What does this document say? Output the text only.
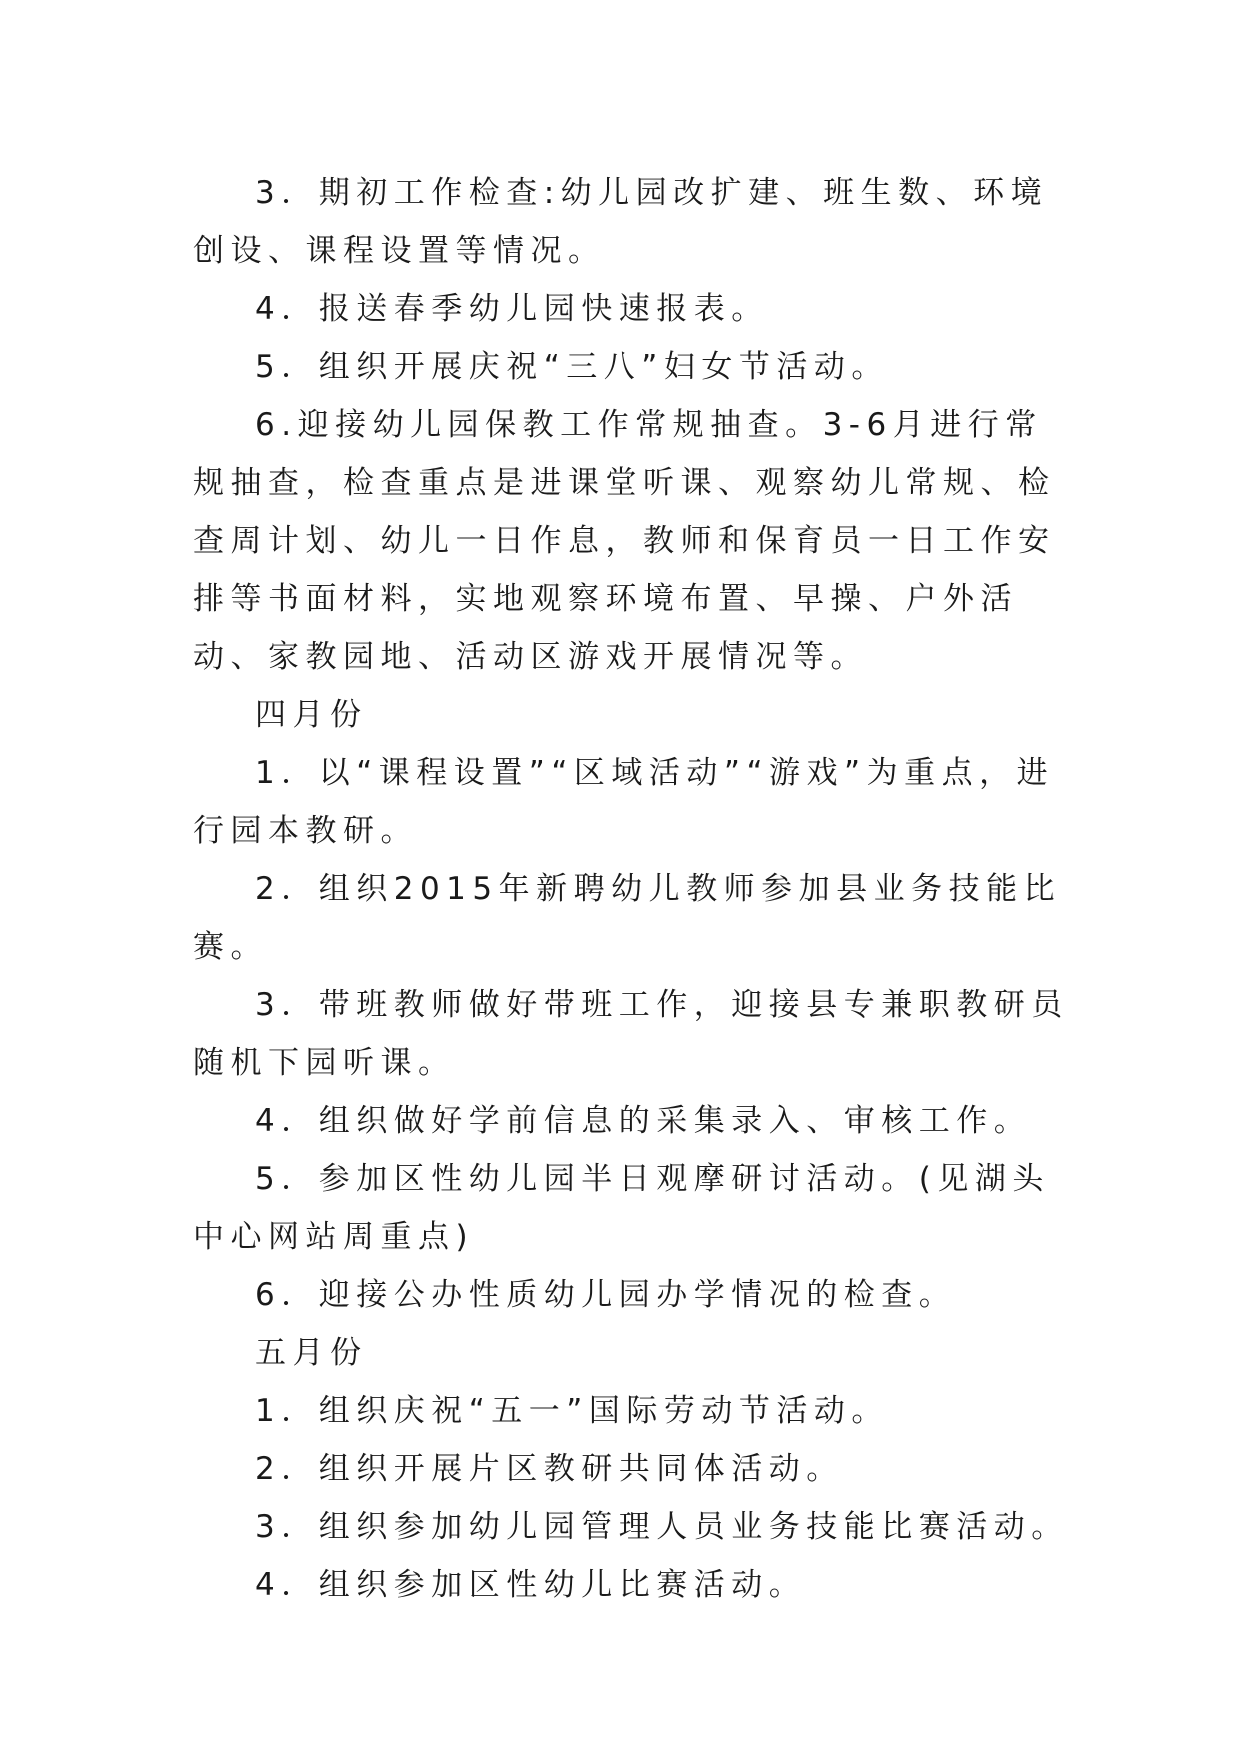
3．期初工作检查:幼儿园改扩建、班生数、环境创设、课程设置等情况。

4．报送春季幼儿园快速报表。

5．组织开展庆祝“三八”妇女节活动。

6.迎接幼儿园保教工作常规抽查。3-6月进行常规抽查，检查重点是进课堂听课、观察幼儿常规、检查周计划、幼儿一日作息，教师和保育员一日工作安排等书面材料，实地观察环境布置、早操、户外活动、家教园地、活动区游戏开展情况等。

四月份

1．以“课程设置”“区域活动”“游戏”为重点，进行园本教研。

2．组织2015年新聘幼儿教师参加县业务技能比赛。

3．带班教师做好带班工作，迎接县专兼职教研员随机下园听课。

4．组织做好学前信息的采集录入、审核工作。

5．参加区性幼儿园半日观摩研讨活动。(见湖头中心网站周重点)

6．迎接公办性质幼儿园办学情况的检查。

五月份

1．组织庆祝“五一”国际劳动节活动。

2．组织开展片区教研共同体活动。

3．组织参加幼儿园管理人员业务技能比赛活动。

4．组织参加区性幼儿比赛活动。
